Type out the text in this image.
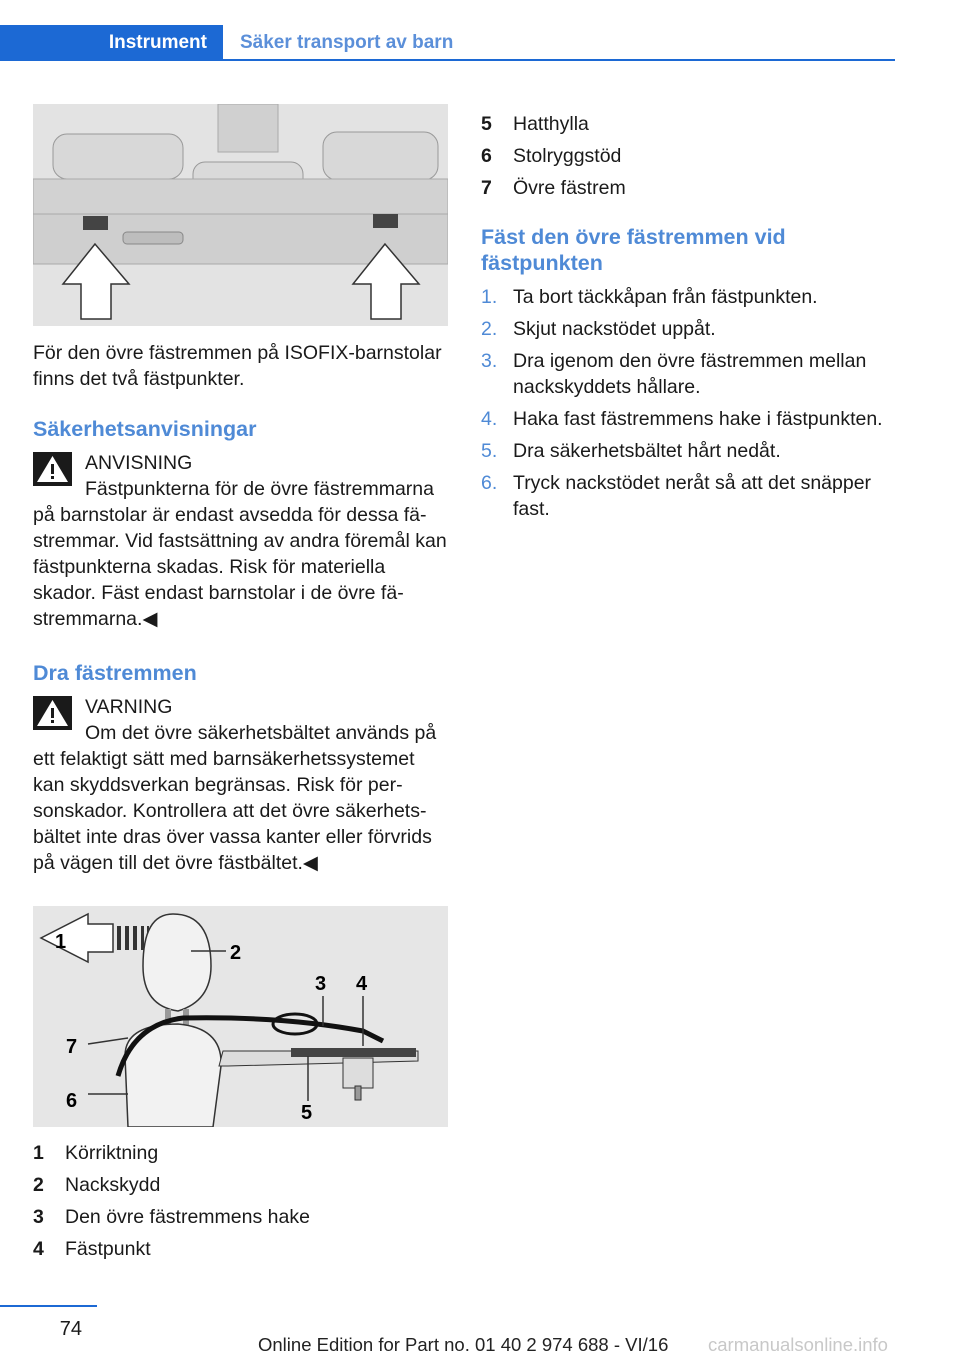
Instrument	Säker transport av barn

För den övre fästremmen på ISOFIX-barnstolar finns det två fästpunkter.

Säkerhetsanvisningar
ANVISNING

Fästpunkterna för de övre fästremmarna

på barnstolar är endast avsedda för dessa fä-
stremmar. Vid fastsättning av andra föremål kan fästpunkterna skadas. Risk för materiella skador. Fäst endast barnstolar i de övre fä-
stremmarna.◀

Dra fästremmen
VARNING

Om det övre säkerhetsbältet används på

ett felaktigt sätt med barnsäkerhetssystemet kan skyddsverkan begränsas. Risk för per-
sonskador. Kontrollera att det övre säkerhets-
bältet inte dras över vassa kanter eller förvrids på vägen till det övre fästbältet.◀

1	2
3 4
5
6
7
1	Körriktning
2	Nackskydd
3	Den övre fästremmens hake
4	Fästpunkt
5	Hatthylla
6	Stolryggstöd
7	Övre fästrem
Fäst den övre fästremmen vid fästpunkten
1. Ta bort täckkåpan från fästpunkten.
2. Skjut nackstödet uppåt.
3. Dra igenom den övre fästremmen mellan nackskyddets hållare.
4. Haka fast fästremmens hake i fästpunkten.
5. Dra säkerhetsbältet hårt nedåt.
6. Tryck nackstödet neråt så att det snäpper fast.
74
Online Edition for Part no. 01 40 2 974 688 - VI/16 carmanualsonline.info
